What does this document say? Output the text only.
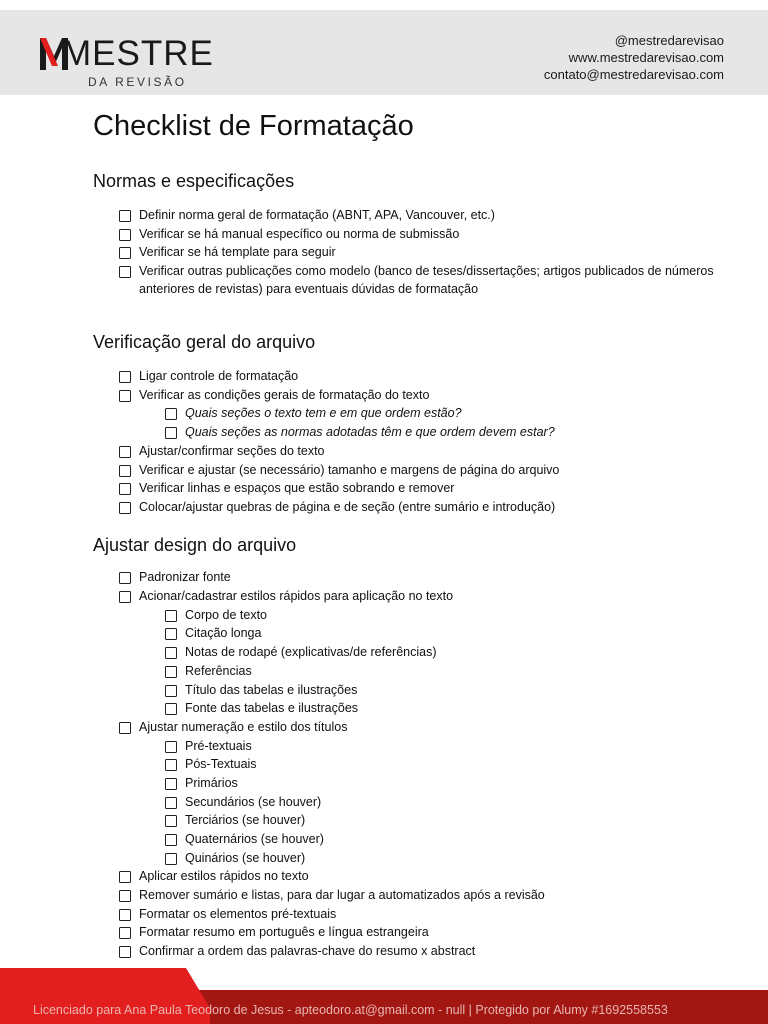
MESTRE
DA REVISÃO
@mestredarevisao
www.mestredarevisao.com
contato@mestredarevisao.com
Checklist de Formatação
Normas e especificações
Definir norma geral de formatação (ABNT, APA, Vancouver, etc.)
Verificar se há manual específico ou norma de submissão
Verificar se há template para seguir
Verificar outras publicações como modelo (banco de teses/dissertações; artigos publicados de números anteriores de revistas) para eventuais dúvidas de formatação
Verificação geral do arquivo
Ligar controle de formatação
Verificar as condições gerais de formatação do texto
Quais seções o texto tem e em que ordem estão?
Quais seções as normas adotadas têm e que ordem devem estar?
Ajustar/confirmar seções do texto
Verificar e ajustar (se necessário) tamanho e margens de página do arquivo
Verificar linhas e espaços que estão sobrando e remover
Colocar/ajustar quebras de página e de seção (entre sumário e introdução)
Ajustar design do arquivo
Padronizar fonte
Acionar/cadastrar estilos rápidos para aplicação no texto
Corpo de texto
Citação longa
Notas de rodapé (explicativas/de referências)
Referências
Título das tabelas e ilustrações
Fonte das tabelas e ilustrações
Ajustar numeração e estilo dos títulos
Pré-textuais
Pós-Textuais
Primários
Secundários (se houver)
Terciários (se houver)
Quaternários (se houver)
Quinários (se houver)
Aplicar estilos rápidos no texto
Remover sumário e listas, para dar lugar a automatizados após a revisão
Formatar os elementos pré-textuais
Formatar resumo em português e língua estrangeira
Confirmar a ordem das palavras-chave do resumo x abstract
Licenciado para Ana Paula Teodoro de Jesus - apteodoro.at@gmail.com - null | Protegido por Alumy #1692558553
